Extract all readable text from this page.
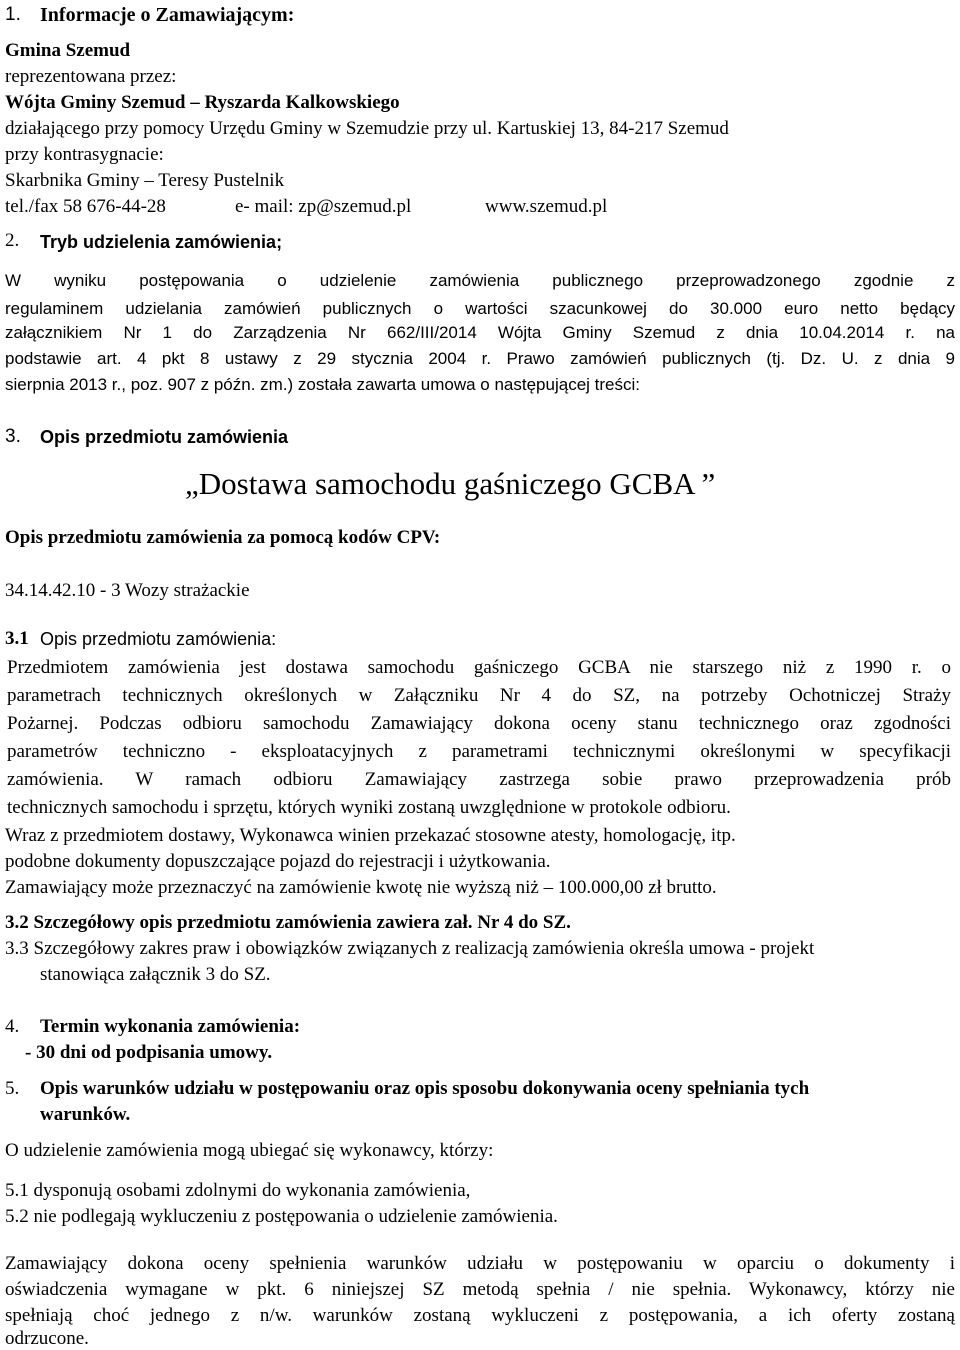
1. Informacje o Zamawiającym:
Gmina Szemud
reprezentowana przez:
Wójta Gminy Szemud – Ryszarda Kalkowskiego
działającego przy pomocy Urzędu Gminy w Szemudzie przy ul. Kartuskiej 13, 84-217 Szemud
przy kontrasygnacie:
Skarbnika Gminy – Teresy Pustelnik
tel./fax 58 676-44-28	e- mail: zp@szemud.pl	www.szemud.pl
2. Tryb udzielenia zamówienia;
W wyniku postępowania o udzielenie zamówienia publicznego przeprowadzonego zgodnie z
regulaminem udzielania zamówień publicznych o wartości szacunkowej do 30.000 euro netto będący
załącznikiem Nr 1 do Zarządzenia Nr 662/III/2014 Wójta Gminy Szemud z dnia 10.04.2014 r. na
podstawie art. 4 pkt 8 ustawy z 29 stycznia 2004 r. Prawo zamówień publicznych (tj. Dz. U. z dnia 9
sierpnia 2013 r., poz. 907 z późn. zm.) została zawarta umowa o następującej treści:
3. Opis przedmiotu zamówienia
„Dostawa samochodu gaśniczego GCBA ”
Opis przedmiotu zamówienia za pomocą kodów CPV:
34.14.42.10 - 3 Wozy strażackie
3.1 Opis przedmiotu zamówienia:
Przedmiotem zamówienia jest dostawa samochodu gaśniczego GCBA nie starszego niż z 1990 r. o
parametrach technicznych określonych w Załączniku Nr 4 do SZ, na potrzeby Ochotniczej Straży
Pożarnej. Podczas odbioru samochodu Zamawiający dokona oceny stanu technicznego oraz zgodności
parametrów techniczno - eksploatacyjnych z parametrami technicznymi określonymi w specyfikacji
zamówienia. W ramach odbioru Zamawiający zastrzega sobie prawo przeprowadzenia prób
technicznych samochodu i sprzętu, których wyniki zostaną uwzględnione w protokole odbioru.
Wraz z przedmiotem dostawy, Wykonawca winien przekazać stosowne atesty, homologację, itp.
podobne dokumenty dopuszczające pojazd do rejestracji i użytkowania.
Zamawiający może przeznaczyć na zamówienie kwotę nie wyższą niż – 100.000,00 zł brutto.
3.2 Szczegółowy opis przedmiotu zamówienia zawiera zał. Nr 4 do SZ.
3.3 Szczegółowy zakres praw i obowiązków związanych z realizacją zamówienia określa umowa - projekt
stanowiąca załącznik 3 do SZ.
4. Termin wykonania zamówienia:
- 30 dni od podpisania umowy.
5. Opis warunków udziału w postępowaniu oraz opis sposobu dokonywania oceny spełniania tych
warunków.
O udzielenie zamówienia mogą ubiegać się wykonawcy, którzy:
5.1 dysponują osobami zdolnymi do wykonania zamówienia,
5.2 nie podlegają wykluczeniu z postępowania o udzielenie zamówienia.
Zamawiający dokona oceny spełnienia warunków udziału w postępowaniu w oparciu o dokumenty i
oświadczenia wymagane w pkt. 6 niniejszej SZ metodą spełnia / nie spełnia. Wykonawcy, którzy nie
spełniają choć jednego z n/w. warunków zostaną wykluczeni z postępowania, a ich oferty zostaną
odrzucone.
